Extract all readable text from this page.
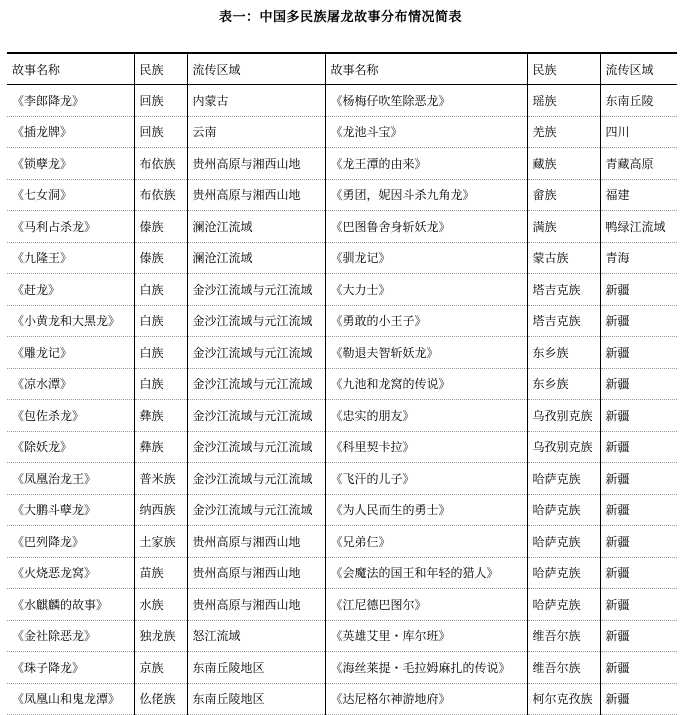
表一：中国多民族屠龙故事分布情况简表
故事名称	民族	流传区域	故事名称	民族	流传区域
《李郎降龙》	回族	内蒙古	《杨梅仔吹笙除恶龙》	瑶族	东南丘陵
《插龙牌》	回族	云南	《龙池斗宝》	羌族	四川
《锁孽龙》	布依族	贵州高原与湘西山地	《龙王潭的由来》	藏族	青藏高原
《七女洞》	布依族	贵州高原与湘西山地	《勇团，妮因斗杀九角龙》	畲族	福建
《马利占杀龙》	傣族	澜沧江流域	《巴图鲁舍身斩妖龙》	满族	鸭绿江流域
《九隆王》	傣族	澜沧江流域	《驯龙记》	蒙古族	青海
《赶龙》	白族	金沙江流域与元江流域	《大力士》	塔吉克族	新疆
《小黄龙和大黑龙》	白族	金沙江流域与元江流域	《勇敢的小王子》	塔吉克族	新疆
《雕龙记》	白族	金沙江流域与元江流域	《勒退夫智斩妖龙》	东乡族	新疆
《凉水潭》	白族	金沙江流域与元江流域	《九池和龙窝的传说》	东乡族	新疆
《包佐杀龙》	彝族	金沙江流域与元江流域	《忠实的朋友》	乌孜别克族	新疆
《除妖龙》	彝族	金沙江流域与元江流域	《科里契卡拉》	乌孜别克族	新疆
《凤凰治龙王》	普米族	金沙江流域与元江流域	《飞汗的儿子》	哈萨克族	新疆
《大鹏斗孽龙》	纳西族	金沙江流域与元江流域	《为人民而生的勇士》	哈萨克族	新疆
《巴列降龙》	土家族	贵州高原与湘西山地	《兄弟仨》	哈萨克族	新疆
《火烧恶龙窝》	苗族	贵州高原与湘西山地	《会魔法的国王和年轻的猎人》	哈萨克族	新疆
《水麒麟的故事》	水族	贵州高原与湘西山地	《江尼德巴图尔》	哈萨克族	新疆
《金社除恶龙》	独龙族	怒江流域	《英雄艾里・库尔班》	维吾尔族	新疆
《珠子降龙》	京族	东南丘陵地区	《海丝莱提・毛拉姆麻扎的传说》	维吾尔族	新疆
《凤凰山和鬼龙潭》	仫佬族	东南丘陵地区	《达尼格尔神游地府》	柯尔克孜族	新疆
